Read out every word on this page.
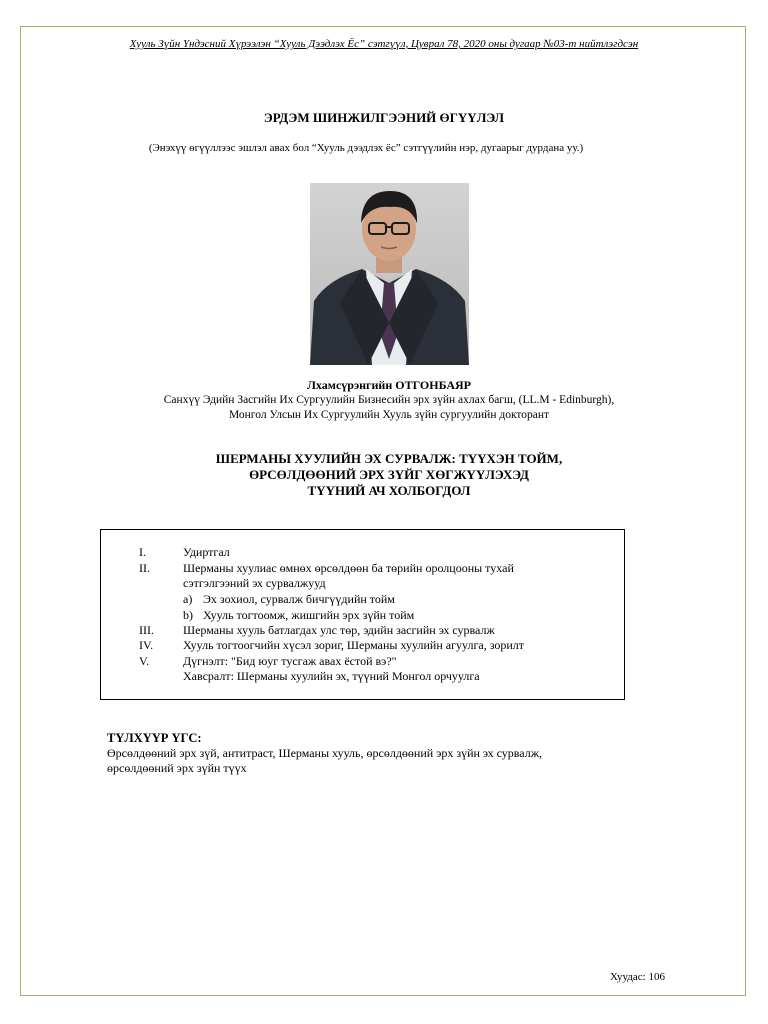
Хууль Зүйн Үндэсний Хүрээлэн “Хууль Дээдлэх Ёс” сэтгүүл, Цуврал 78, 2020 оны дугаар №03-т нийтлэгдсэн
ЭРДЭМ ШИНЖИЛГЭЭНИЙ ӨГҮҮЛЭЛ
(Энэхүү өгүүллээс эшлэл авах бол “Хууль дээдлэх ёс” сэтгүүлийн нэр, дугаарыг дурдана уу.)
Лхамсүрэнгийн ОТГОНБАЯР
Санхүү Эдийн Засгийн Их Сургуулийн Бизнесийн эрх зүйн ахлах багш, (LL.M - Edinburgh),
Монгол Улсын Их Сургуулийн Хууль зүйн сургуулийн докторант
ШЕРМАНЫ ХУУЛИЙН ЭХ СУРВАЛЖ: ТҮҮХЭН ТОЙМ,
ӨРСӨЛДӨӨНИЙ ЭРХ ЗҮЙГ ХӨГЖҮҮЛЭХЭД
ТҮҮНИЙ АЧ ХОЛБОГДОЛ
I.	Удиртгал
II.	Шерманы хуулиас өмнөх өрсөлдөөн ба төрийн оролцооны тухай
сэтгэлгээний эх сурвалжууд
a) Эх зохиол, сурвалж бичгүүдийн тойм
b) Хууль тогтоомж, жишгийн эрх зүйн тойм
III. Шерманы хууль батлагдах улс төр, эдийн засгийн эх сурвалж
IV. Хууль тогтоогчийн хүсэл зориг, Шерманы хуулийн агуулга, зорилт
V.	Дүгнэлт: "Бид юуг тусгаж авах ёстой вэ?"
Хавсралт: Шерманы хуулийн эх, түүний Монгол орчуулга
ТҮЛХҮҮР ҮГС:
Өрсөлдөөний эрх зүй, антитраст, Шерманы хууль, өрсөлдөөний эрх зүйн эх сурвалж,
өрсөлдөөний эрх зүйн түүх
Хуудас: 106
